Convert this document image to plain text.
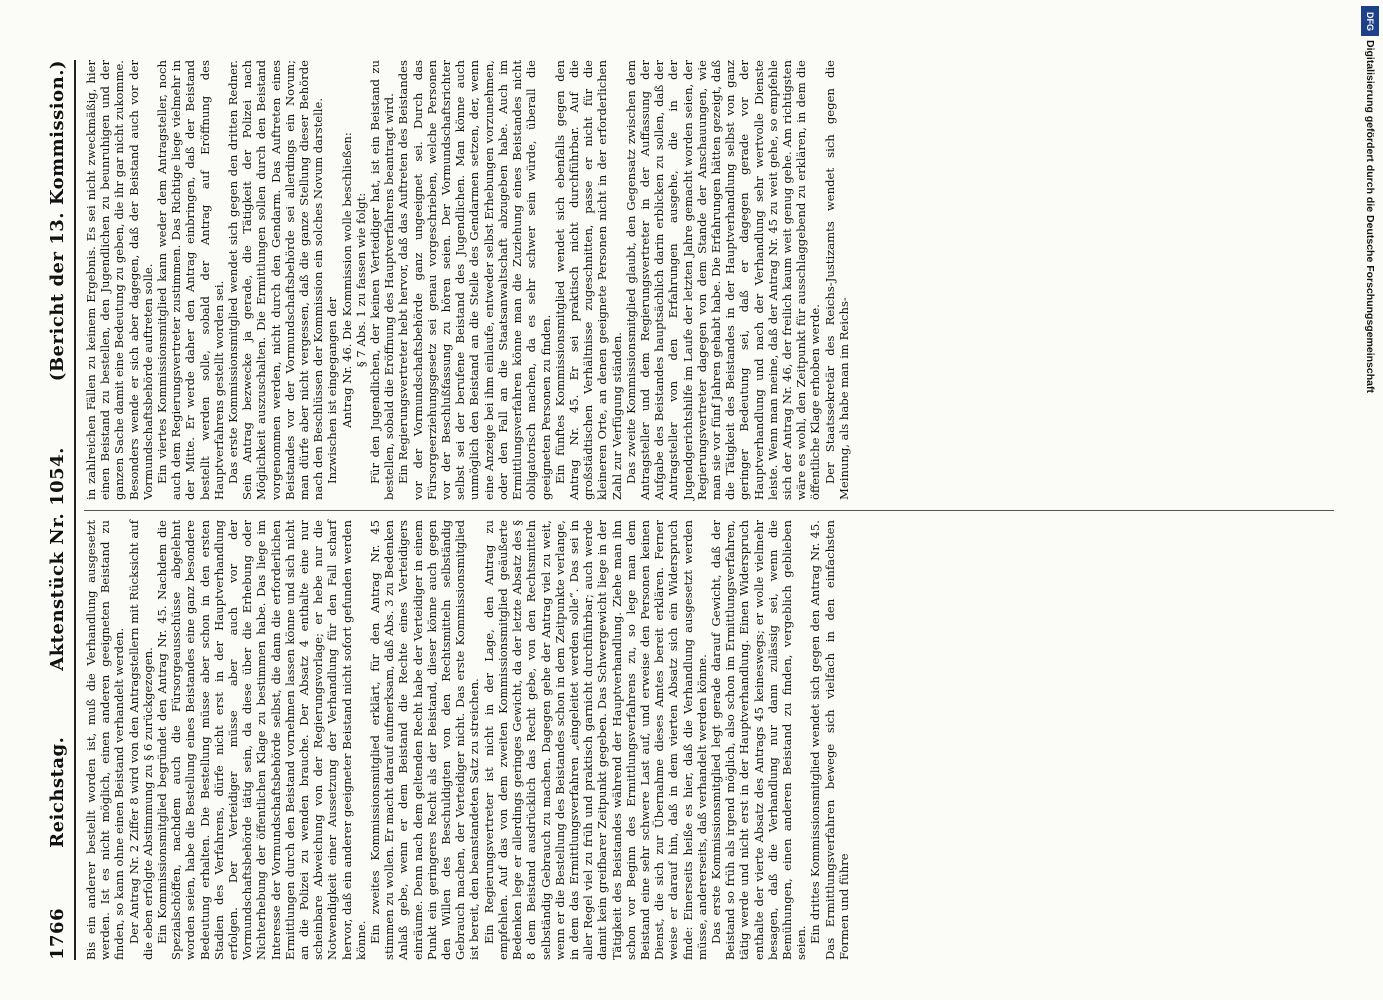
1766
Reichstag.
Aktenstück Nr. 1054.
(Bericht der 13. Kommission.)

Bis ein anderer bestellt worden ist, muß die Verhandlung ausgesetzt werden. Ist es nicht möglich, einen anderen geeigneten Beistand zu finden, so kann ohne einen Beistand verhandelt werden. Der Antrag Nr. 2 Ziffer 8 wird von den Antragstellern mit Rücksicht auf die eben erfolgte Abstimmung zu § 6 zurückgezogen. Ein Kommissionsmitglied begründet den Antrag Nr. 45. Nachdem die Spezialschöffen, nachdem auch die Fürsorgeausschüsse abgelehnt worden seien, habe die Bestellung eines Beistandes eine ganz besondere Bedeutung erhalten. Die Bestellung müsse aber schon in den ersten Stadien des Verfahrens, dürfe nicht erst in der Hauptverhandlung erfolgen. Der Verteidiger müsse aber auch vor der Vormundschaftsbehörde tätig sein, da diese über die Erhebung oder Nichterhebung der öffentlichen Klage zu bestimmen habe. Das liege im Interesse der Vormundschaftsbehörde selbst, die dann die erforderlichen Ermittlungen durch den Beistand vornehmen lassen könne und sich nicht an die Polizei zu wenden brauche. Der Absatz 4 enthalte eine nur scheinbare Abweichung von der Regierungsvorlage; er hebe nur die Notwendigkeit einer Aussetzung der Verhandlung für den Fall scharf hervor, daß ein anderer geeigneter Beistand nicht sofort gefunden werden könne. Ein zweites Kommissionsmitglied erklärt, für den Antrag Nr. 45 stimmen zu wollen. Er macht darauf aufmerksam, daß Abs. 3 zu Bedenken Anlaß gebe, wenn er dem Beistand die Rechte eines Verteidigers einräume. Denn nach dem geltenden Recht habe der Verteidiger in einem Punkt ein geringeres Recht als der Beistand, dieser könne auch gegen den Willen des Beschuldigten von den Rechtsmitteln selbständig Gebrauch machen, der Verteidiger nicht. Das erste Kommissionsmitglied ist bereit, den beanstandeten Satz zu streichen. Ein Regierungsvertreter ist nicht in der Lage, den Antrag zu empfehlen. Auf das von dem zweiten Kommissionsmitglied geäußerte Bedenken lege er allerdings geringes Gewicht, da der letzte Absatz des § 8 dem Beistand ausdrücklich das Recht gebe, von den Rechtsmitteln selbständig Gebrauch zu machen. Dagegen gehe der Antrag viel zu weit, wenn er die Bestellung des Beistandes schon in dem Zeitpunkte verlange, in dem das Ermittlungsverfahren „eingeleitet werden solle“. Das sei in aller Regel viel zu früh und praktisch garnicht durchführbar; auch werde damit kein greifbarer Zeitpunkt gegeben. Das Schwergewicht liege in der Tätigkeit des Beistandes während der Hauptverhandlung. Ziehe man ihn schon vor Beginn des Ermittlungsverfahrens zu, so lege man dem Beistand eine sehr schwere Last auf, und erweise den Personen keinen Dienst, die sich zur Übernahme dieses Amtes bereit erklären. Ferner weise er darauf hin, daß in dem vierten Absatz sich ein Widerspruch finde: Einerseits heiße es hier, daß die Verhandlung ausgesetzt werden müsse, andererseits, daß verhandelt werden könne. Das erste Kommissionsmitglied legt gerade darauf Gewicht, daß der Beistand so früh als irgend möglich, also schon im Ermittlungsverfahren, tätig werde und nicht erst in der Hauptverhandlung. Einen Widerspruch enthalte der vierte Absatz des Antrags 45 keineswegs; er wolle vielmehr besagen, daß die Verhandlung nur dann zulässig sei, wenn die Bemühungen, einen anderen Beistand zu finden, vergeblich geblieben seien. Ein drittes Kommissionsmitglied wendet sich gegen den Antrag Nr. 45. Das Ermittlungsverfahren bewege sich vielfach in den einfachsten Formen und führe

in zahlreichen Fällen zu keinem Ergebnis. Es sei nicht zweckmäßig, hier einen Beistand zu bestellen, den Jugendlichen zu beunruhigen und der ganzen Sache damit eine Bedeutung zu geben, die ihr gar nicht zukomme. Besonders wende er sich aber dagegen, daß der Beistand auch vor der Vormundschaftsbehörde auftreten solle. Ein viertes Kommissionsmitglied kann weder dem Antragsteller, noch auch dem Regierungsvertreter zustimmen. Das Richtige liege vielmehr in der Mitte. Er werde daher den Antrag einbringen, daß der Beistand bestellt werden solle, sobald der Antrag auf Eröffnung des Hauptverfahrens gestellt worden sei. Das erste Kommissionsmitglied wendet sich gegen den dritten Redner. Sein Antrag bezwecke ja gerade, die Tätigkeit der Polizei nach Möglichkeit auszuschalten. Die Ermittlungen sollen durch den Beistand vorgenommen werden, nicht durch den Gendarm. Das Auftreten eines Beistandes vor der Vormundschaftsbehörde sei allerdings ein Novum; man dürfe aber nicht vergessen, daß die ganze Stellung dieser Behörde nach den Beschlüssen der Kommission ein solches Novum darstelle. Inzwischen ist eingegangen der Antrag Nr. 46. Die Kommission wolle beschließen: § 7 Abs. 1 zu fassen wie folgt: Für den Jugendlichen, der keinen Verteidiger hat, ist ein Beistand zu bestellen, sobald die Eröffnung des Hauptverfahrens beantragt wird. Ein Regierungsvertreter hebt hervor, daß das Auftreten des Beistandes vor der Vormundschaftsbehörde ganz ungeeignet sei. Durch das Fürsorgeerziehungsgesetz sei genau vorgeschrieben, welche Personen vor der Beschlußfassung zu hören seien. Der Vormundschaftsrichter selbst sei der berufene Beistand des Jugendlichen. Man könne auch unmöglich den Beistand an die Stelle des Gendarmen setzen, der, wenn eine Anzeige bei ihm einlaufe, entweder selbst Erhebungen vorzunehmen, oder den Fall an die Staatsanwaltschaft abzugeben habe. Auch im Ermittlungsverfahren könne man die Zuziehung eines Beistandes nicht obligatorisch machen, da es sehr schwer sein würde, überall die geeigneten Personen zu finden. Ein fünftes Kommissionsmitglied wendet sich ebenfalls gegen den Antrag Nr. 45. Er sei praktisch nicht durchführbar. Auf die großstädtischen Verhältnisse zugeschnitten, passe er nicht für die kleineren Orte, an denen geeignete Personen nicht in der erforderlichen Zahl zur Verfügung ständen. Das zweite Kommissionsmitglied glaubt, den Gegensatz zwischen dem Antragsteller und dem Regierungsvertreter in der Auffassung der Aufgabe des Beistandes hauptsächlich darin erblicken zu sollen, daß der Antragsteller von den Erfahrungen ausgehe, die in der Jugendgerichtshilfe im Laufe der letzten Jahre gemacht worden seien, der Regierungsvertreter dagegen von dem Stande der Anschauungen, wie man sie vor fünf Jahren gehabt habe. Die Erfahrungen hätten gezeigt, daß die Tätigkeit des Beistandes in der Hauptverhandlung selbst von ganz geringer Bedeutung sei, daß er dagegen gerade vor der Hauptverhandlung und nach der Verhandlung sehr wertvolle Dienste leiste. Wenn man meine, daß der Antrag Nr. 45 zu weit gehe, so empfehle sich der Antrag Nr. 46, der freilich kaum weit genug gehe. Am richtigsten wäre es wohl, den Zeitpunkt für ausschlaggebend zu erklären, in dem die öffentliche Klage erhoben werde. Der Staatssekretär des Reichs-Justizamts wendet sich gegen die Meinung, als habe man im Reichs-

DFG
Digitalisierung gefördert durch die Deutsche Forschungsgemeinschaft
